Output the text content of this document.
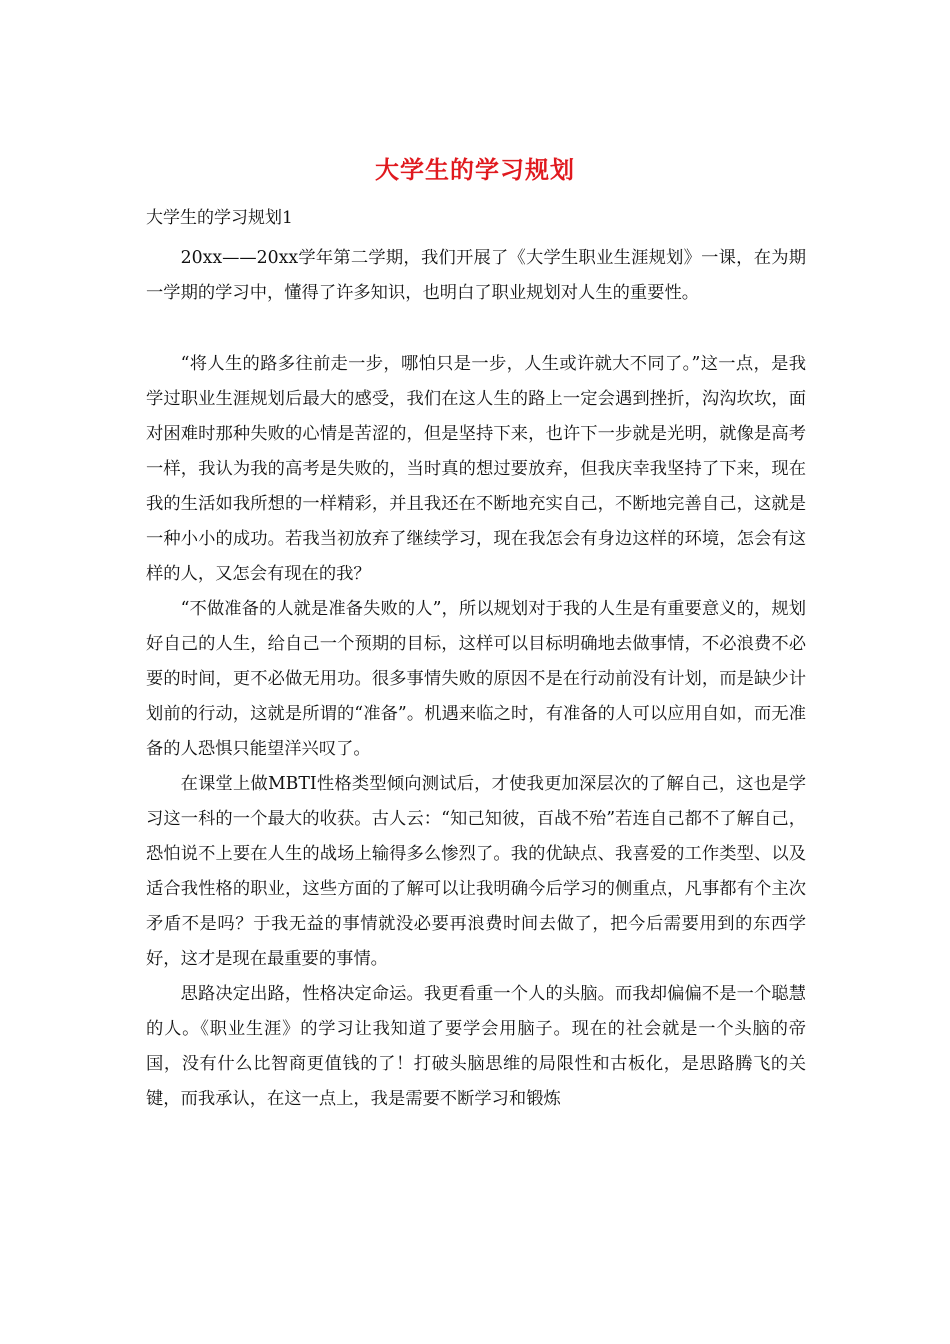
大学生的学习规划
大学生的学习规划1

20xx——20xx学年第二学期，我们开展了《大学生职业生涯规划》一课，在为期一学期的学习中，懂得了许多知识，也明白了职业规划对人生的重要性。

“将人生的路多往前走一步，哪怕只是一步，人生或许就大不同了。”这一点，是我学过职业生涯规划后最大的感受，我们在这人生的路上一定会遇到挫折，沟沟坎坎，面对困难时那种失败的心情是苦涩的，但是坚持下来，也许下一步就是光明，就像是高考一样，我认为我的高考是失败的，当时真的想过要放弃，但我庆幸我坚持了下来，现在我的生活如我所想的一样精彩，并且我还在不断地充实自己，不断地完善自己，这就是一种小小的成功。若我当初放弃了继续学习，现在我怎会有身边这样的环境，怎会有这样的人，又怎会有现在的我？

“不做准备的人就是准备失败的人”，所以规划对于我的人生是有重要意义的，规划好自己的人生，给自己一个预期的目标，这样可以目标明确地去做事情，不必浪费不必要的时间，更不必做无用功。很多事情失败的原因不是在行动前没有计划，而是缺少计划前的行动，这就是所谓的“准备”。机遇来临之时，有准备的人可以应用自如，而无准备的人恐惧只能望洋兴叹了。

在课堂上做MBTI性格类型倾向测试后，才使我更加深层次的了解自己，这也是学习这一科的一个最大的收获。古人云：“知己知彼，百战不殆”若连自己都不了解自己，恐怕说不上要在人生的战场上输得多么惨烈了。我的优缺点、我喜爱的工作类型、以及适合我性格的职业，这些方面的了解可以让我明确今后学习的侧重点，凡事都有个主次矛盾不是吗？于我无益的事情就没必要再浪费时间去做了，把今后需要用到的东西学好，这才是现在最重要的事情。

思路决定出路，性格决定命运。我更看重一个人的头脑。而我却偏偏不是一个聪慧的人。《职业生涯》的学习让我知道了要学会用脑子。现在的社会就是一个头脑的帝国，没有什么比智商更值钱的了！打破头脑思维的局限性和古板化，是思路腾飞的关键，而我承认，在这一点上，我是需要不断学习和锻炼
